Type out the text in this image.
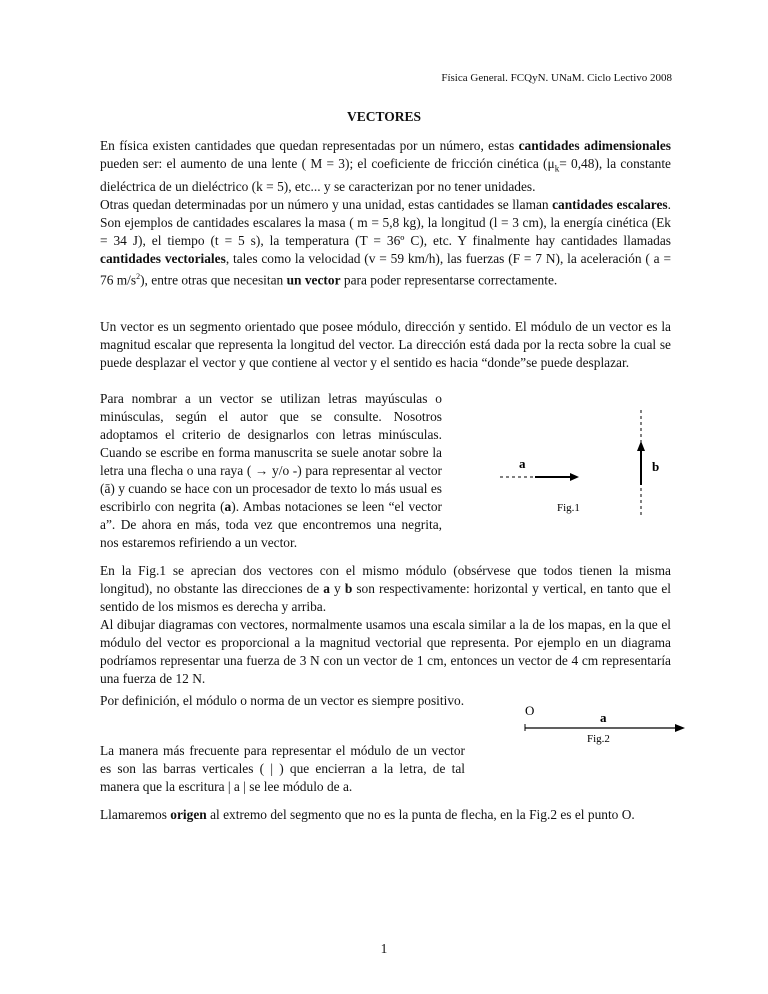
Física General. FCQyN. UNaM. Ciclo Lectivo 2008
VECTORES

En física existen cantidades que quedan representadas por un número, estas cantidades adimensionales pueden ser: el aumento de una lente ( M = 3); el coeficiente de fricción cinética $(\mu_k= 0,48)$, la constante dieléctrica de un dieléctrico (k = 5), etc... y se caracterizan por no tener unidades.

Otras quedan determinadas por un número y una unidad, estas cantidades se llaman cantidades escalares. Son ejemplos de cantidades escalares la masa ( m = 5,8 kg), la longitud (l = 3 cm), la energía cinética (Ek = 34 J), el tiempo (t = 5 s), la temperatura (T = 36º C), etc. Y finalmente hay cantidades llamadas cantidades vectoriales, tales como la velocidad (v = 59 km/h), las fuerzas (F = 7 N), la aceleración ( a = 76 $m/s^2$), entre otras que necesitan un vector para poder representarse correctamente.

Un vector es un segmento orientado que posee módulo, dirección y sentido. El módulo de un vector es la magnitud escalar que representa la longitud del vector. La dirección está dada por la recta sobre la cual se puede desplazar el vector y que contiene al vector y el sentido es hacia “donde”se puede desplazar.

Para nombrar a un vector se utilizan letras mayúsculas o minúsculas, según el autor que se consulte. Nosotros adoptamos el criterio de designarlos con letras minúsculas. Cuando se escribe en forma manuscrita se suele anotar sobre la letra una flecha o una raya ( → y/o -) para representar al vector (ā) y cuando se hace con un procesador de texto lo más usual es escribirlo con negrita (a). Ambas notaciones se leen “el vector a”. De ahora en más, toda vez que encontremos una negrita, nos estaremos refiriendo a un vector.

a	b
Fig.1

En la Fig.1 se aprecian dos vectores con el mismo módulo (obsérvese que todos tienen la misma longitud), no obstante las direcciones de a y b son respectivamente: horizontal y vertical, en tanto que el sentido de los mismos es derecha y arriba.

Al dibujar diagramas con vectores, normalmente usamos una escala similar a la de los mapas, en la que el módulo del vector es proporcional a la magnitud vectorial que representa. Por ejemplo en un diagrama podríamos representar una fuerza de 3 N con un vector de 1 cm, entonces un vector de 4 cm representaría una fuerza de 12 N.

Por definición, el módulo o norma de un vector es siempre positivo.

O	a
Fig.2

La manera más frecuente para representar el módulo de un vector es son las barras verticales ( | ) que encierran a la letra, de tal manera que la escritura | a | se lee módulo de a.

Llamaremos origen al extremo del segmento que no es la punta de flecha, en la Fig.2 es el punto O.

1
